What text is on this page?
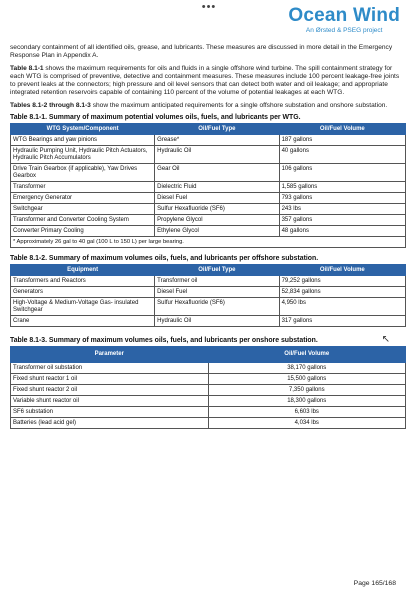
•••	Ocean Wind
An Ørsted & PSEG project

secondary containment of all identified oils, grease, and lubricants. These measures are discussed in more detail in the Emergency Response Plan in Appendix A.

Table 8.1-1 shows the maximum requirements for oils and fluids in a single offshore wind turbine. The spill containment strategy for each WTG is comprised of preventive, detective and containment measures. These measures include 100 percent leakage-free joints to prevent leaks at the connectors; high pressure and oil level sensors that can detect both water and oil leakage; and appropriate integrated retention reservoirs capable of containing 110 percent of the volume of potential leakages at each WTG.

Tables 8.1-2 through 8.1-3 show the maximum anticipated requirements for a single offshore substation and onshore substation.

Table 8.1-1. Summary of maximum potential volumes oils, fuels, and lubricants per WTG.
WTG System/Component	Oil/Fuel Type	Oil/Fuel Volume
WTG Bearings and yaw pinions	Grease*	187 gallons
Hydraulic Pumping Unit, Hydraulic Pitch Actuators, Hydraulic Pitch Accumulators	Hydraulic Oil	40 gallons
Drive Train Gearbox (if applicable), Yaw Drives Gearbox	Gear Oil	106 gallons
Transformer	Dielectric Fluid	1,585 gallons
Emergency Generator	Diesel Fuel	793 gallons
Switchgear	Sulfur Hexafluoride (SF6)	243 lbs
Transformer and Converter Cooling System	Propylene Glycol	357 gallons
Converter Primary Cooling	Ethylene Glycol	48 gallons
* Approximately 26 gal to 40 gal (100 L to 150 L) per large bearing.		
Table 8.1-2. Summary of maximum volumes oils, fuels, and lubricants per offshore substation.
Equipment	Oil/Fuel Type	Oil/Fuel Volume
Transformers and Reactors	Transformer oil	79,252 gallons
Generators	Diesel Fuel	52,834 gallons
High-Voltage & Medium-Voltage Gas- insulated Switchgear	Sulfur Hexafluoride (SF6)	4,950 lbs
Crane	Hydraulic Oil	317 gallons
Table 8.1-3. Summary of maximum volumes oils, fuels, and lubricants per onshore substation.
Parameter	Oil/Fuel Volume
Transformer oil substation	38,170 gallons
Fixed shunt reactor 1 oil	15,500 gallons
Fixed shunt reactor 2 oil	7,350 gallons
Variable shunt reactor oil	18,300 gallons
SF6 substation	6,603 lbs
Batteries (lead acid gel)	4,034 lbs
↖
Page 165/168
